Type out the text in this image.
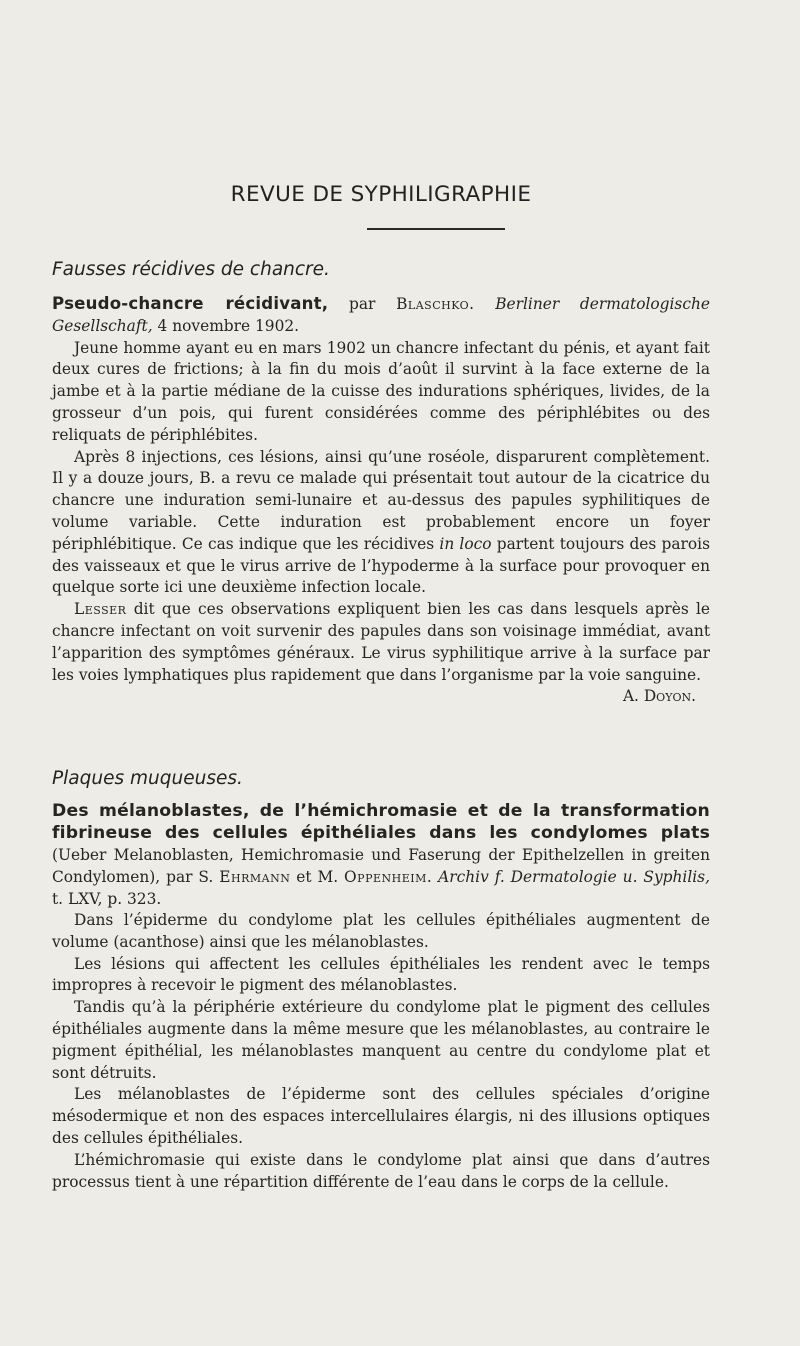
REVUE DE SYPHILIGRAPHIE
Fausses récidives de chancre.

Pseudo-chancre récidivant, par Blaschko. Berliner dermatologische Gesellschaft, 4 novembre 1902.

Jeune homme ayant eu en mars 1902 un chancre infectant du pénis, et ayant fait deux cures de frictions; à la fin du mois d’août il survint à la face externe de la jambe et à la partie médiane de la cuisse des indurations sphériques, livides, de la grosseur d’un pois, qui furent considérées comme des périphlébites ou des reliquats de périphlébites.

Après 8 injections, ces lésions, ainsi qu’une roséole, disparurent complètement. Il y a douze jours, B. a revu ce malade qui présentait tout autour de la cicatrice du chancre une induration semi-lunaire et au-dessus des papules syphilitiques de volume variable. Cette induration est probablement encore un foyer périphlébitique. Ce cas indique que les récidives in loco partent toujours des parois des vaisseaux et que le virus arrive de l’hypoderme à la surface pour provoquer en quelque sorte ici une deuxième infection locale.

Lesser dit que ces observations expliquent bien les cas dans lesquels après le chancre infectant on voit survenir des papules dans son voisinage immédiat, avant l’apparition des symptômes généraux. Le virus syphilitique arrive à la surface par les voies lymphatiques plus rapidement que dans l’organisme par la voie sanguine.
A. Doyon.

Plaques muqueuses.

Des mélanoblastes, de l’hémichromasie et de la transformation fibrineuse des cellules épithéliales dans les condylomes plats (Ueber Melanoblasten, Hemichromasie und Faserung der Epithelzellen in greiten Condylomen), par S. Ehrmann et M. Oppenheim. Archiv f. Dermatologie u. Syphilis, t. LXV, p. 323.

Dans l’épiderme du condylome plat les cellules épithéliales augmentent de volume (acanthose) ainsi que les mélanoblastes.

Les lésions qui affectent les cellules épithéliales les rendent avec le temps impropres à recevoir le pigment des mélanoblastes.

Tandis qu’à la périphérie extérieure du condylome plat le pigment des cellules épithéliales augmente dans la même mesure que les mélanoblastes, au contraire le pigment épithélial, les mélanoblastes manquent au centre du condylome plat et sont détruits.

Les mélanoblastes de l’épiderme sont des cellules spéciales d’origine mésodermique et non des espaces intercellulaires élargis, ni des illusions optiques des cellules épithéliales.

L’hémichromasie qui existe dans le condylome plat ainsi que dans d’autres processus tient à une répartition différente de l’eau dans le corps de la cellule.
